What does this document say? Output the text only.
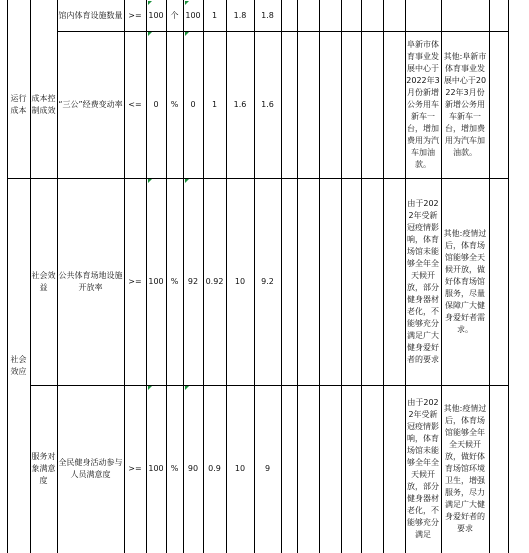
馆内体育设施数量 >= 100 个 100 1 1.8 1.8
运行成本
成本控制成效
社会效应
社会效益
服务对象满意度
“三公”经费变动率 <= 0 % 0 1 1.6 1.6
阜新市体育事业发展中心于2022年3月份新增公务用车新车一台，增加费用为汽车加油款。
其他:阜新市体育事业发展中心于2022年3月份新增公务用车新车一台，增加费用为汽车加油款。
公共体育场地设施开放率
>= 100 % 92 0.92 10 9.2
由于2022年受新冠疫情影响，体育场馆未能够全年全天候开放，部分健身器材老化，不能够充分满足广大健身爱好者的要求
其他:疫情过后，体育场馆能够全天候开放，做好体育场馆服务，尽量保障广大健身爱好者需求。
全民健身活动参与人员满意度
>= 100 % 90 0.9 10 9
由于2022年受新冠疫情影响，体育场馆未能够全年全天候开放，部分健身器材老化，不能够充分满足
其他:疫情过后，体育场馆能够全年全天候开放，做好体育场馆环境卫生，增强服务，尽力满足广大健身爱好者的要求
